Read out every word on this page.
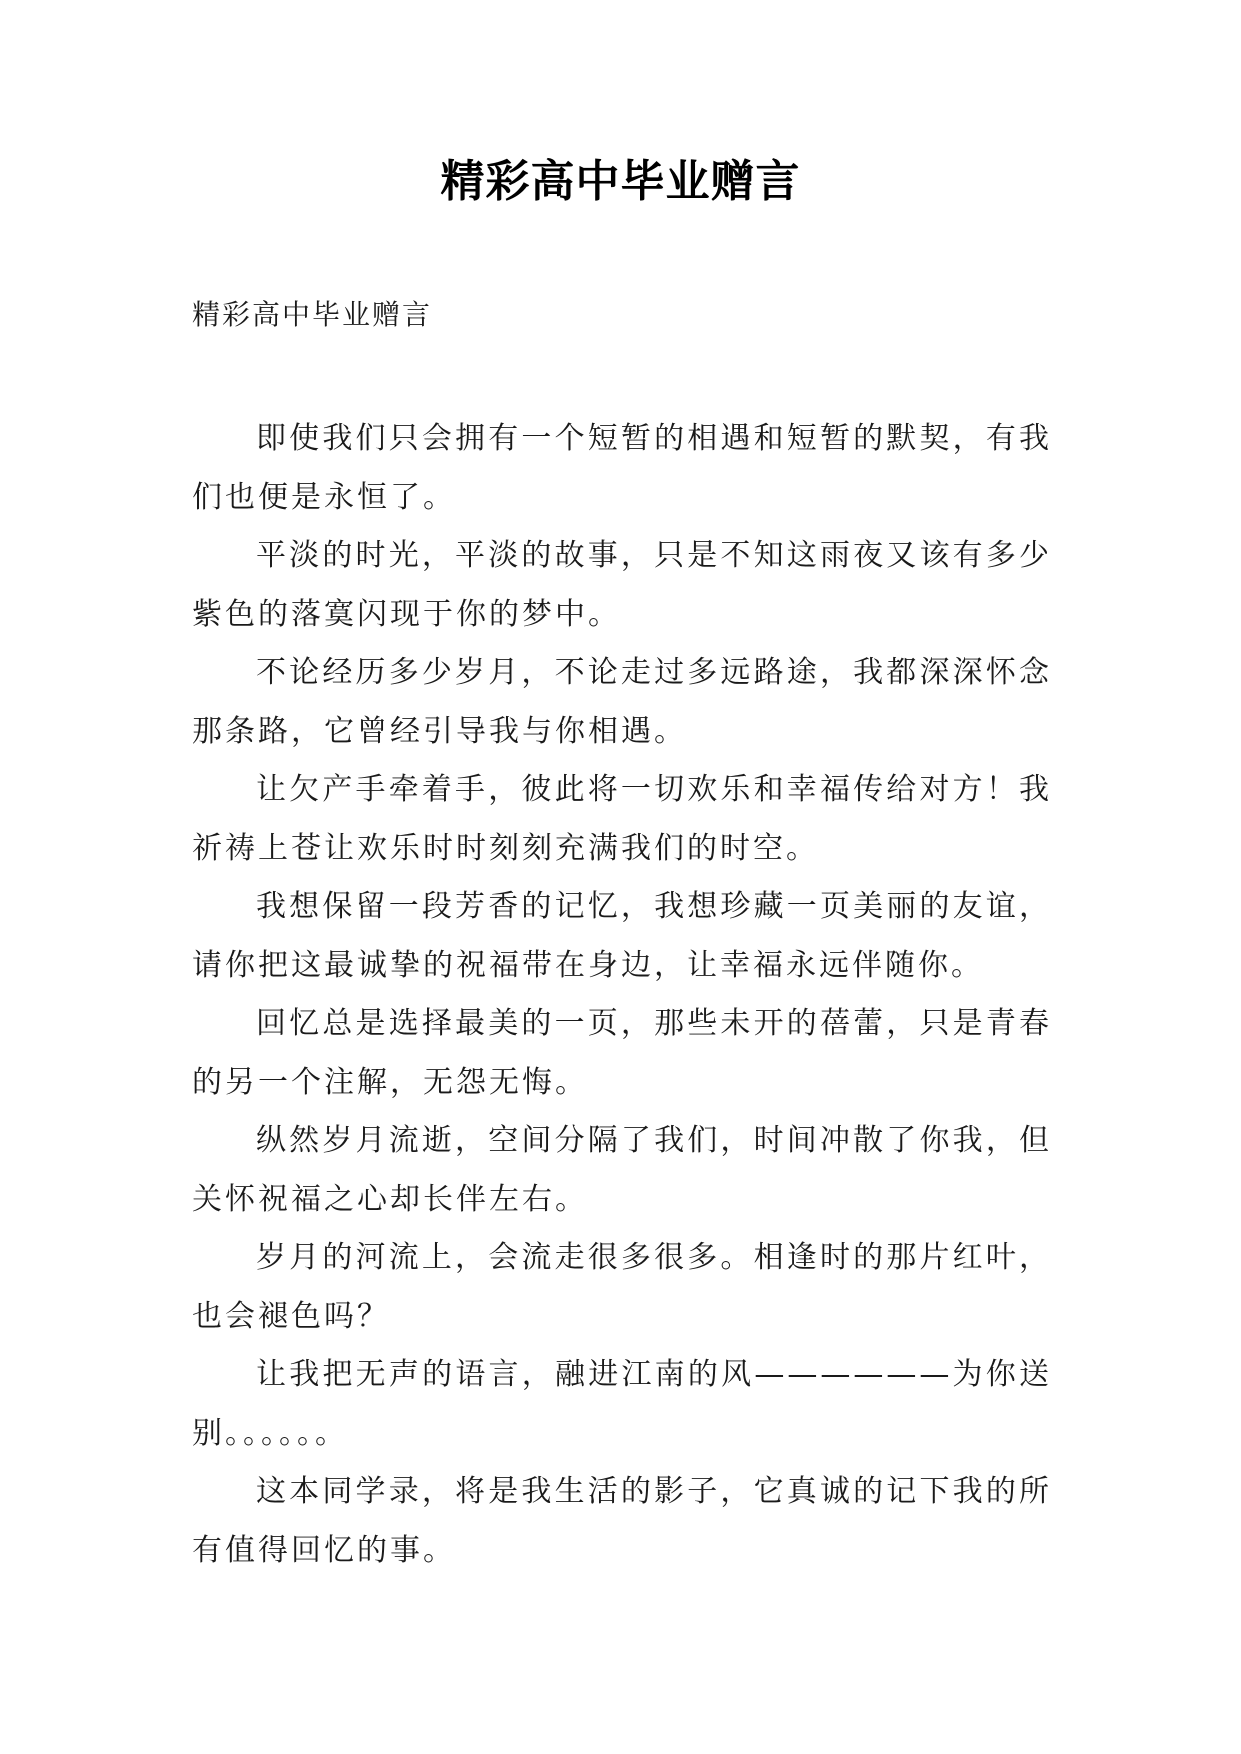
精彩高中毕业赠言
精彩高中毕业赠言

即使我们只会拥有一个短暂的相遇和短暂的默契，有我们也便是永恒了。

平淡的时光，平淡的故事，只是不知这雨夜又该有多少紫色的落寞闪现于你的梦中。

不论经历多少岁月，不论走过多远路途，我都深深怀念那条路，它曾经引导我与你相遇。

让欠产手牵着手，彼此将一切欢乐和幸福传给对方！我祈祷上苍让欢乐时时刻刻充满我们的时空。

我想保留一段芳香的记忆，我想珍藏一页美丽的友谊，请你把这最诚挚的祝福带在身边，让幸福永远伴随你。

回忆总是选择最美的一页，那些未开的蓓蕾，只是青春的另一个注解，无怨无悔。

纵然岁月流逝，空间分隔了我们，时间冲散了你我，但关怀祝福之心却长伴左右。

岁月的河流上，会流走很多很多。相逢时的那片红叶，也会褪色吗？

让我把无声的语言，融进江南的风——————为你送别。。。。。。

这本同学录，将是我生活的影子，它真诚的记下我的所有值得回忆的事。
